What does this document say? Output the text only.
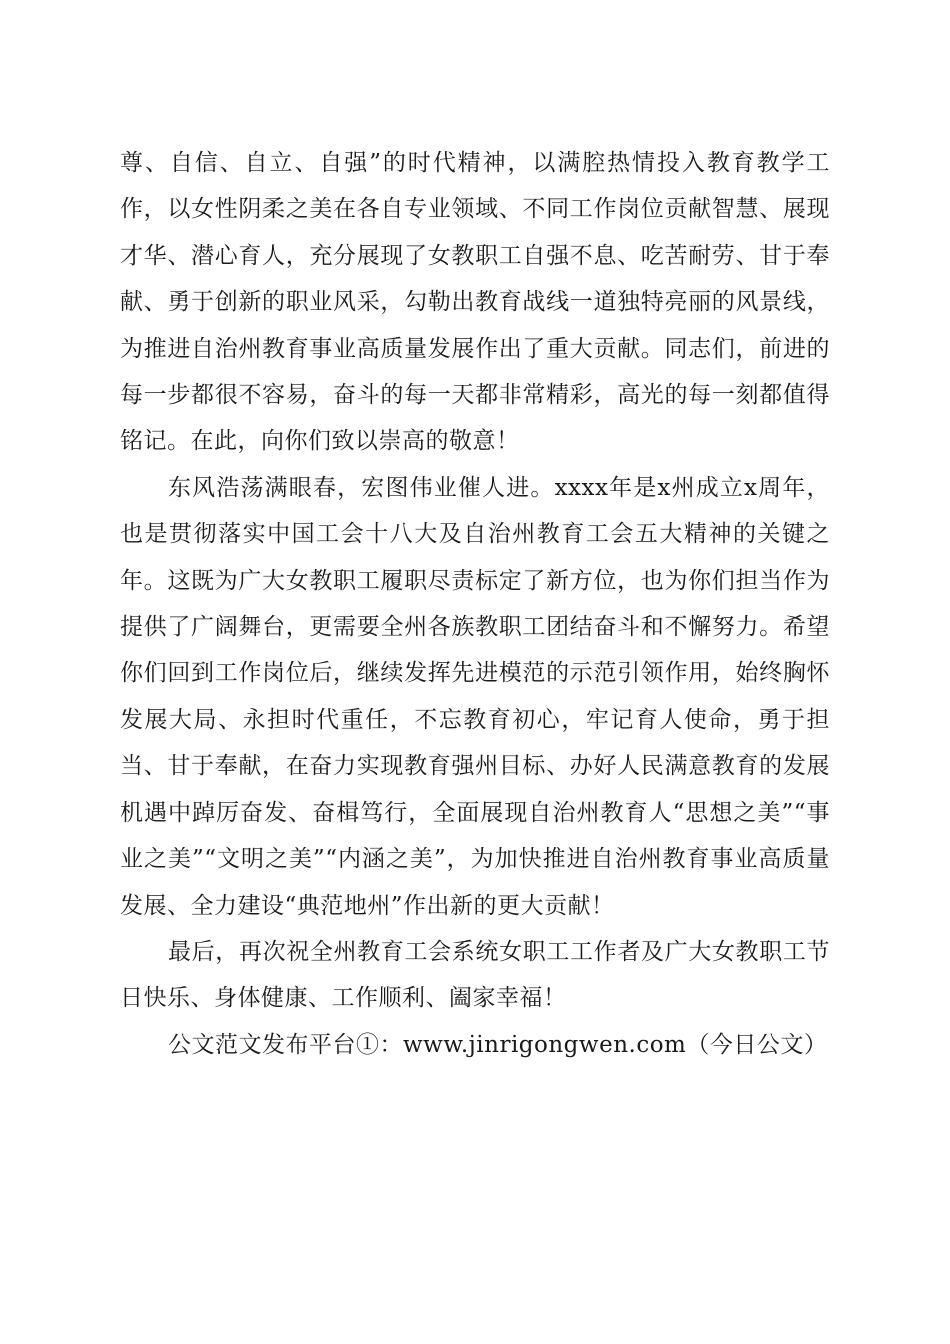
尊、自信、自立、自强”的时代精神，以满腔热情投入教育教学工作，以女性阴柔之美在各自专业领域、不同工作岗位贡献智慧、展现才华、潜心育人，充分展现了女教职工自强不息、吃苦耐劳、甘于奉献、勇于创新的职业风采，勾勒出教育战线一道独特亮丽的风景线，为推进自治州教育事业高质量发展作出了重大贡献。同志们，前进的每一步都很不容易，奋斗的每一天都非常精彩，高光的每一刻都值得铭记。在此，向你们致以崇高的敬意！

东风浩荡满眼春，宏图伟业催人进。xxxx年是x州成立x周年，也是贯彻落实中国工会十八大及自治州教育工会五大精神的关键之年。这既为广大女教职工履职尽责标定了新方位，也为你们担当作为提供了广阔舞台，更需要全州各族教职工团结奋斗和不懈努力。希望你们回到工作岗位后，继续发挥先进模范的示范引领作用，始终胸怀发展大局、永担时代重任，不忘教育初心，牢记育人使命，勇于担当、甘于奉献，在奋力实现教育强州目标、办好人民满意教育的发展机遇中踔厉奋发、奋楫笃行，全面展现自治州教育人“思想之美”“事业之美”“文明之美”“内涵之美”，为加快推进自治州教育事业高质量发展、全力建设“典范地州”作出新的更大贡献！

最后，再次祝全州教育工会系统女职工工作者及广大女教职工节日快乐、身体健康、工作顺利、阖家幸福！

公文范文发布平台①：www.jinrigongwen.com（今日公文）
